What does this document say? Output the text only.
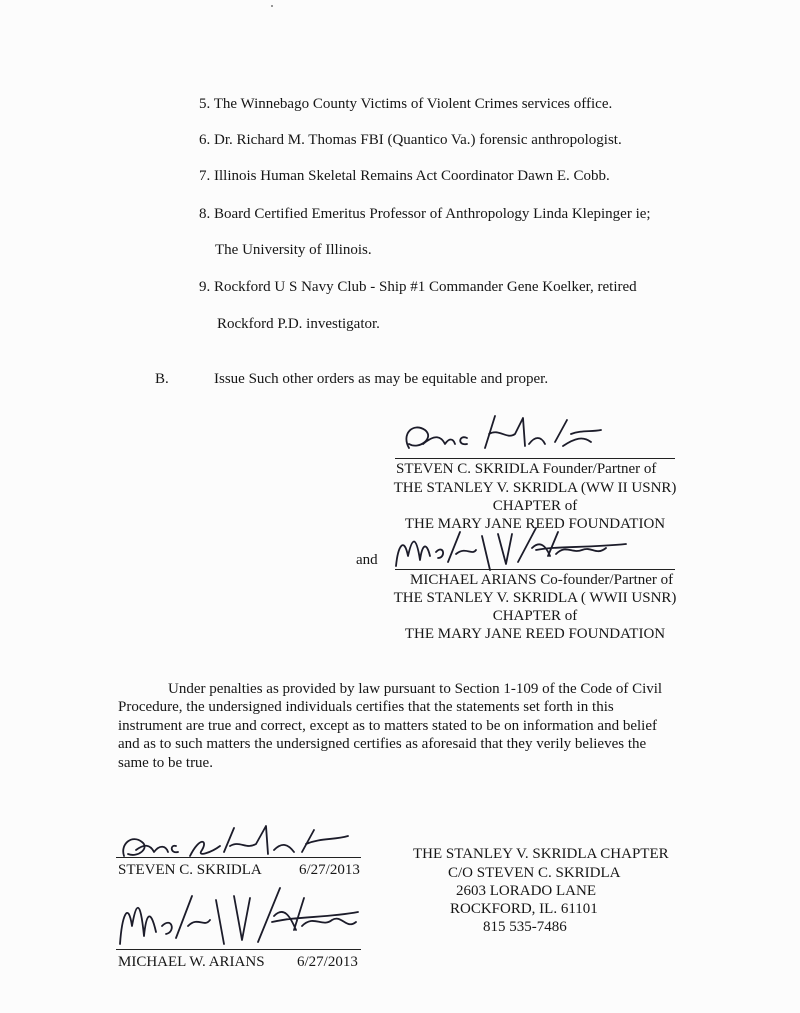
5. The Winnebago County Victims of Violent Crimes services office.
6. Dr. Richard M. Thomas FBI (Quantico Va.) forensic anthropologist.
7. Illinois Human Skeletal Remains Act Coordinator Dawn E. Cobb.
8. Board Certified Emeritus Professor of Anthropology Linda Klepinger ie;
The University of Illinois.
9. Rockford U S Navy Club - Ship #1 Commander Gene Koelker, retired
Rockford P.D. investigator.
B.	Issue Such other orders as may be equitable and proper.
STEVEN C. SKRIDLA Founder/Partner of
THE STANLEY V. SKRIDLA (WW II USNR)
CHAPTER of
THE MARY JANE REED FOUNDATION
and
MICHAEL ARIANS Co-founder/Partner of
THE STANLEY V. SKRIDLA ( WWII USNR)
CHAPTER of
THE MARY JANE REED FOUNDATION
Under penalties as provided by law pursuant to Section 1-109 of the Code of Civil
Procedure, the undersigned individuals certifies that the statements set forth in this
instrument are true and correct, except as to matters stated to be on information and belief
and as to such matters the undersigned certifies as aforesaid that they verily believes the
same to be true.
STEVEN C. SKRIDLA 6/27/2013
MICHAEL W. ARIANS 6/27/2013
THE STANLEY V. SKRIDLA CHAPTER
C/O STEVEN C. SKRIDLA
2603 LORADO LANE
ROCKFORD, IL. 61101
815 535-7486
